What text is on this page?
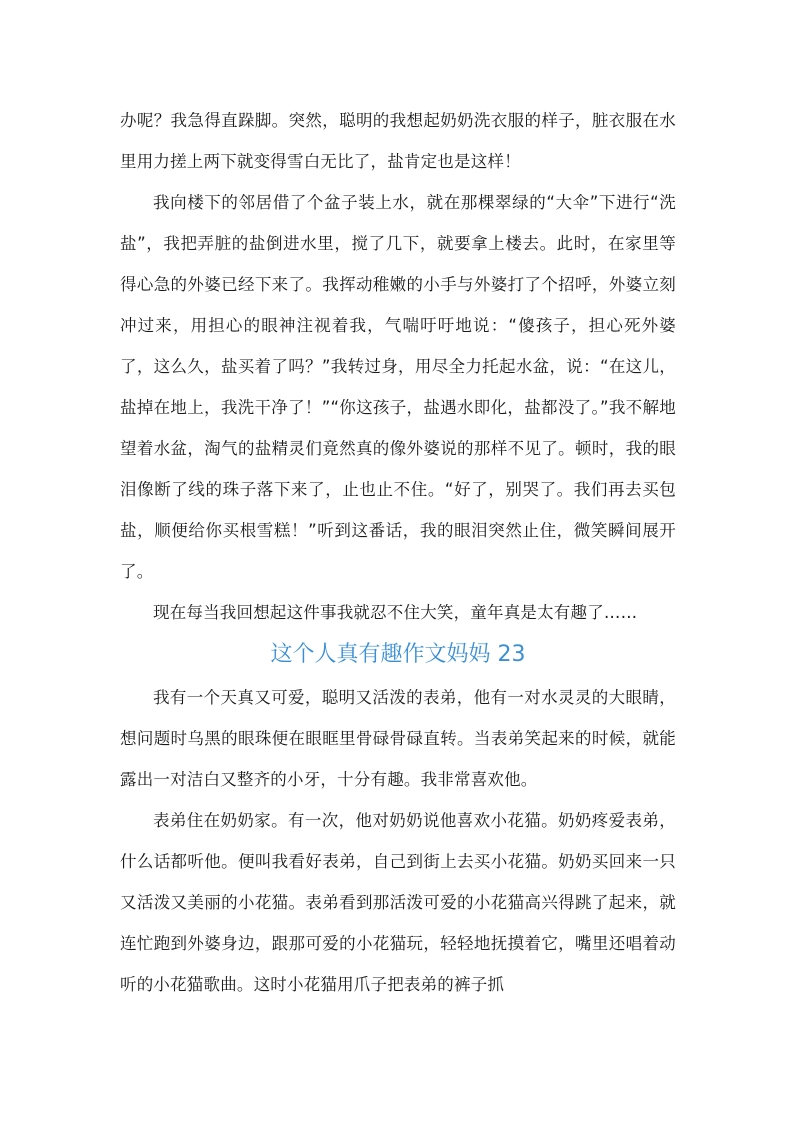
办呢？我急得直跺脚。突然，聪明的我想起奶奶洗衣服的样子，脏衣服在水里用力搓上两下就变得雪白无比了，盐肯定也是这样！

我向楼下的邻居借了个盆子装上水，就在那棵翠绿的“大伞”下进行“洗盐”，我把弄脏的盐倒进水里，搅了几下，就要拿上楼去。此时，在家里等得心急的外婆已经下来了。我挥动稚嫩的小手与外婆打了个招呼，外婆立刻冲过来，用担心的眼神注视着我，气喘吁吁地说：“傻孩子，担心死外婆了，这么久，盐买着了吗？”我转过身，用尽全力托起水盆，说：“在这儿，盐掉在地上，我洗干净了！”“你这孩子，盐遇水即化，盐都没了。”我不解地望着水盆，淘气的盐精灵们竟然真的像外婆说的那样不见了。顿时，我的眼泪像断了线的珠子落下来了，止也止不住。“好了，别哭了。我们再去买包盐，顺便给你买根雪糕！”听到这番话，我的眼泪突然止住，微笑瞬间展开了。

现在每当我回想起这件事我就忍不住大笑，童年真是太有趣了……

这个人真有趣作文妈妈 23

我有一个天真又可爱，聪明又活泼的表弟，他有一对水灵灵的大眼睛，想问题时乌黑的眼珠便在眼眶里骨碌骨碌直转。当表弟笑起来的时候，就能露出一对洁白又整齐的小牙，十分有趣。我非常喜欢他。

表弟住在奶奶家。有一次，他对奶奶说他喜欢小花猫。奶奶疼爱表弟，什么话都听他。便叫我看好表弟，自己到街上去买小花猫。奶奶买回来一只又活泼又美丽的小花猫。表弟看到那活泼可爱的小花猫高兴得跳了起来，就连忙跑到外婆身边，跟那可爱的小花猫玩，轻轻地抚摸着它，嘴里还唱着动听的小花猫歌曲。这时小花猫用爪子把表弟的裤子抓
